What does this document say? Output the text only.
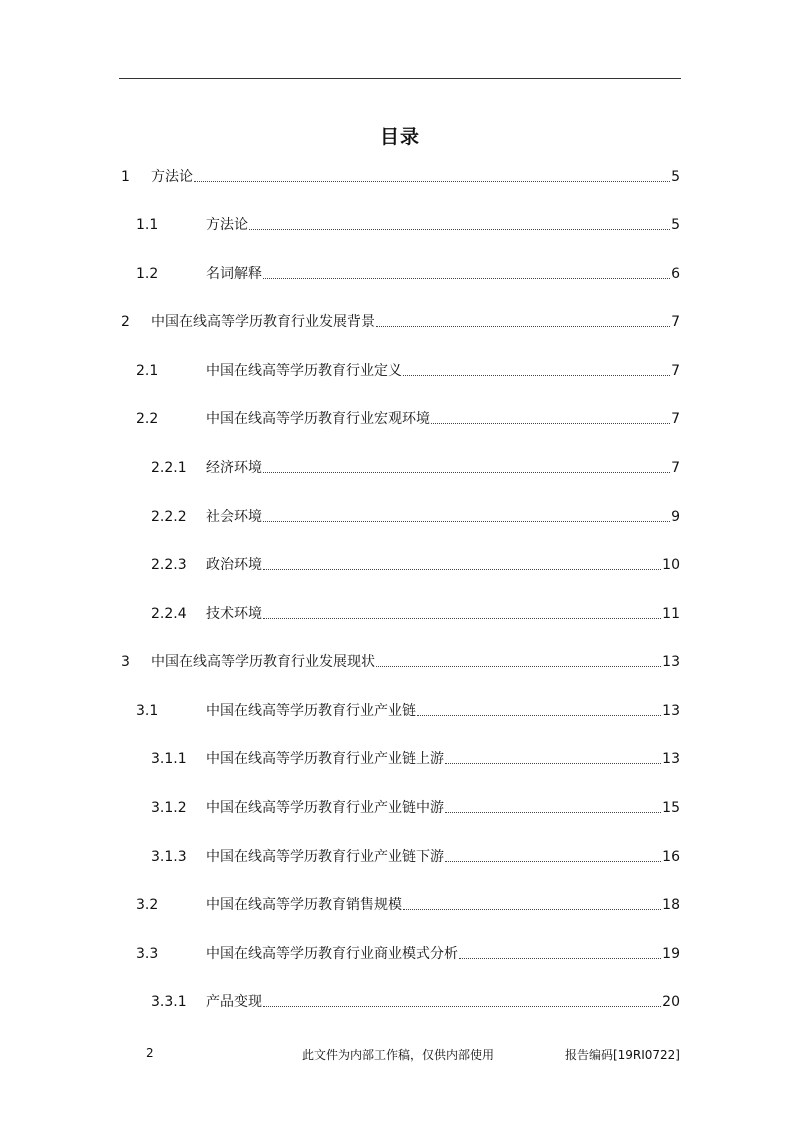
目录
1 方法论	5
1.1	方法论	5
1.2	名词解释	6
2 中国在线高等学历教育行业发展背景	7
2.1	中国在线高等学历教育行业定义	7
2.2	中国在线高等学历教育行业宏观环境	7
2.2.1 经济环境	7
2.2.2 社会环境	9
2.2.3 政治环境	10
2.2.4 技术环境	11
3 中国在线高等学历教育行业发展现状	13
3.1	中国在线高等学历教育行业产业链	13
3.1.1 中国在线高等学历教育行业产业链上游	13
3.1.2 中国在线高等学历教育行业产业链中游	15
3.1.3 中国在线高等学历教育行业产业链下游	16
3.2	中国在线高等学历教育销售规模	18
3.3	中国在线高等学历教育行业商业模式分析	19
3.3.1 产品变现	20
2	此文件为内部工作稿，仅供内部使用	报告编码[19RI0722]
